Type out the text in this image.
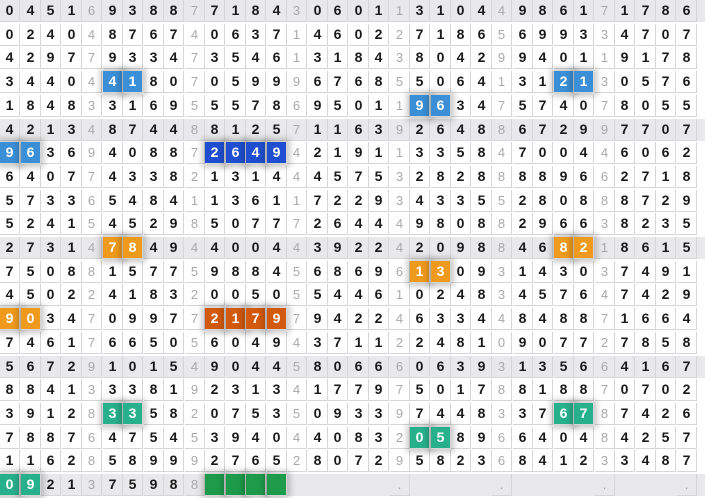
0 4 5 1 6 9 3 8 8	7 7 1 8 4 3 0 6 0 1	1 3 1 0 4 4 9 8 6 1	7 1 7 8 6
0 2 4 0 4 8 7 6 7	4 0 6 3 7 1 4 6 0 2	2 7 1 8 6 5 6 9 9 3	3 4 7 0 7
4 2 9 7 7 9 3 3 4	7 3 5 4 6 1 3 1 8 4	3 8 0 4 2 9 9 4 0 1	1 9 1 7 8
3 4 4 0 4 4 1 8 0	7 0 5 9 9 9 6 7 6 8	5 5 0 6 4 1 3 1 2 1	3 0 5 7 6
1 8 4 8 3 3 1 6 9	5 5 5 7 8 6 9 5 0 1	1 9 6 3 4 7 5 7 4 0	7 8 0 5 5
4 2 1 3 4 8 7 4 4	8 8 1 2 5 7 1 1 6 3	9 2 6 4 8 8 6 7 2 9	9 7 7 0 7
9 6 3 6 9 4 0 8 8	7 2 6 4 9 4 2 1 9 1	1 3 3 5 8 4 7 0 0 4	4 6 0 6 2
6 4 0 7 7 4 3 3 8	2 1 3 1 4 4 4 5 7 5	3 2 8 2 8 8 8 8 9 6	6 2 7 1 8
5 7 3 3 6 5 4 8 4	1 1 3 6 1 1 7 2 2 9	3 4 3 3 5 5 2 8 0 8	8 8 7 2 9
5 2 4 1 5 4 5 2 9	8 5 0 7 7 7 2 6 4 4	4 9 8 0 8 8 2 9 6 6	3 8 2 3 5
2 7 3 1 4 7 8 4 9	4 4 0 0 4 4 3 9 2 2	4 2 0 9 8 8 4 6 8 2	1 8 6 1 5
7 5 0 8 8 1 5 7 7	5 9 8 8 4 5 6 8 6 9	6 1 3 0 9 3 1 4 3 0	3 7 4 9 1
4 5 0 2 2 4 1 8 3	2 0 0 5 0 5 5 4 4 6	1 0 2 4 8 3 4 5 7 6	4 7 4 2 9
9 0 3 4 7 0 9 9 7	7 2 1 7 9 7 9 4 2 2	4 6 3 3 4 4 8 4 8 8	7 1 6 6 4
7 4 6 1 7 6 6 5 0	5 6 0 4 9 4 3 7 1 1	2 2 4 8 1 0 9 0 7 7	2 7 8 5 8
5 6 7 2 9 1 0 1 5	4 9 0 4 4 5 8 0 6 6	6 0 6 3 9 3 1 3 5 6	6 4 1 6 7
8 8 4 1 3 3 3 8 1	9 2 3 1 3 4 1 7 7 9	7 5 0 1 7 8 8 1 8 8	7 0 7 0 2
3 9 1 2 8 3 3 5 8	2 0 7 5 3 5 0 9 3 3	9 7 4 4 8 3 3 7 6 7	8 7 4 2 6
7 8 8 7 6 4 7 5 4	5 3 9 4 0 4 4 0 8 3	2 0 5 8 9 6 6 4 0 4	8 4 2 5 7
1 1 6 2 8 5 8 9 9	9 2 7 6 5 2 8 0 7 2	9 5 8 2 3 6 8 4 1 2	3 3 4 8 7
0 9 2 1 3 7 5 9 8	8	.	.	.	.
